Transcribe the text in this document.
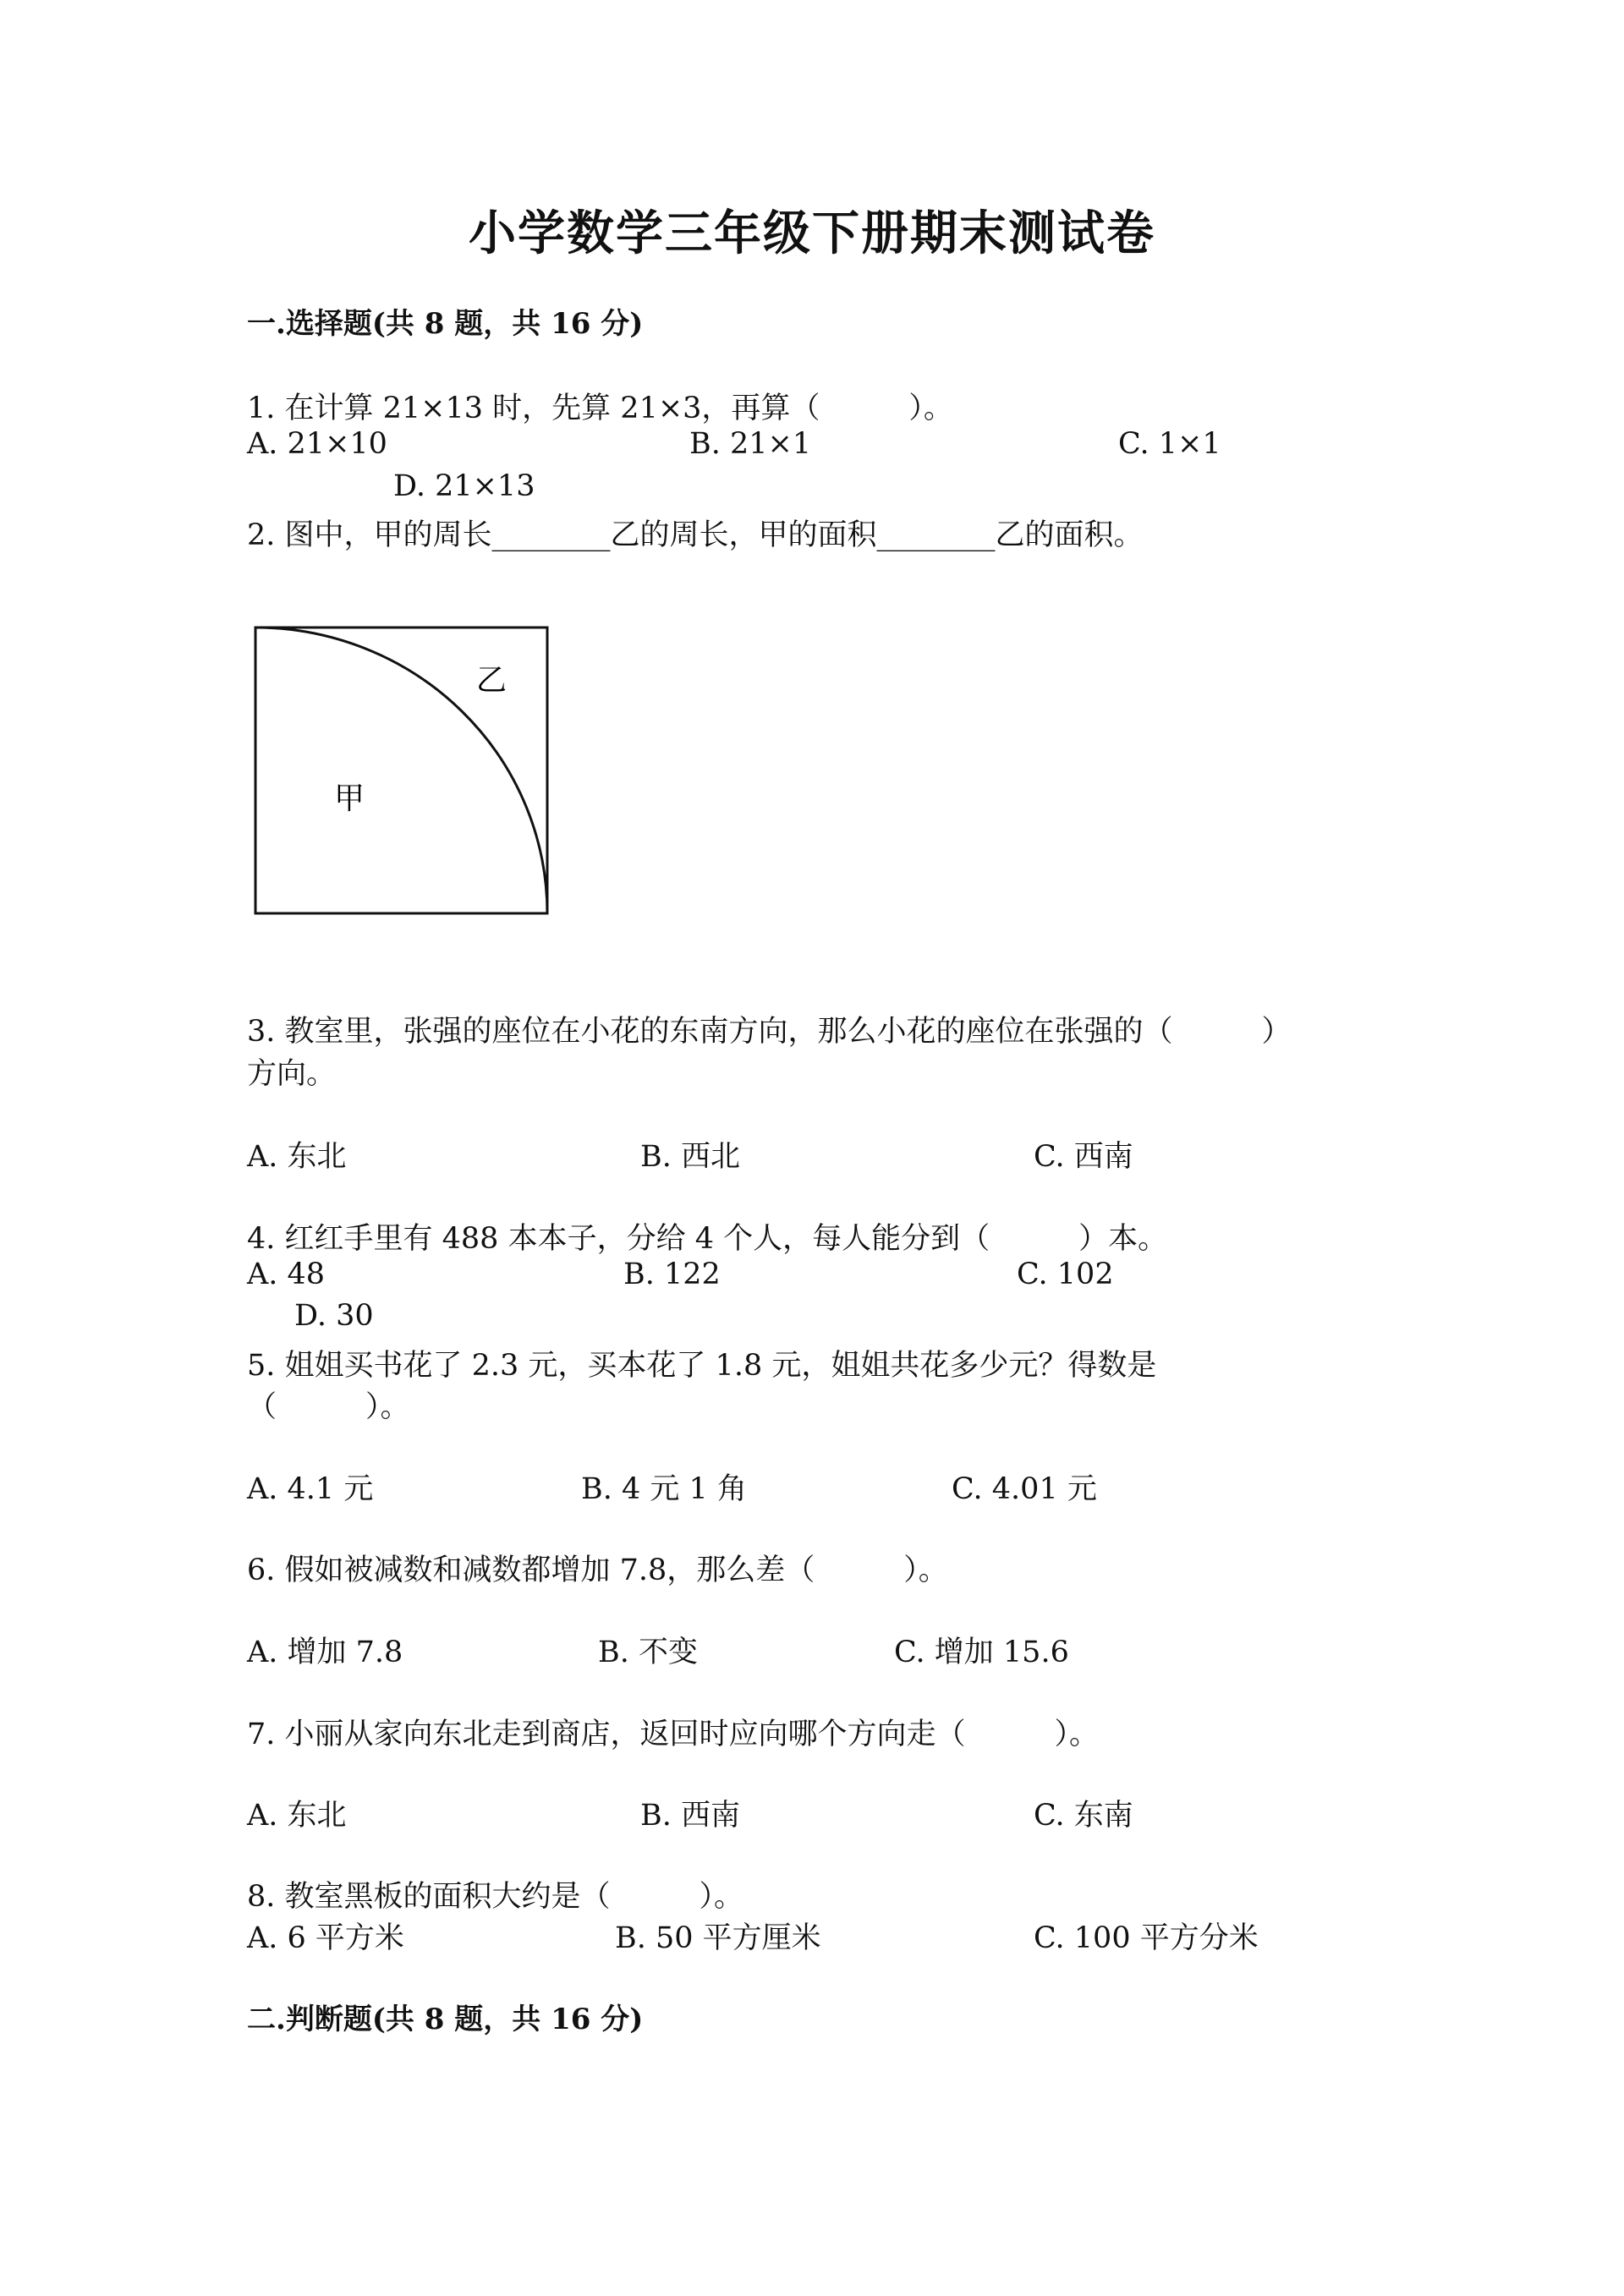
小学数学三年级下册期末测试卷
一.选择题(共 8 题，共 16 分)
1. 在计算 21×13 时，先算 21×3，再算（　　　）。
A. 21×10	B. 21×1	C. 1×1
D. 21×13
2. 图中，甲的周长________乙的周长，甲的面积________乙的面积。
乙
甲
3. 教室里，张强的座位在小花的东南方向，那么小花的座位在张强的（　　　）
方向。
A. 东北	B. 西北	C. 西南
4. 红红手里有 488 本本子，分给 4 个人，每人能分到（　　　）本。
A. 48	B. 122	C. 102
D. 30
5. 姐姐买书花了 2.3 元，买本花了 1.8 元，姐姐共花多少元？得数是
（　　　）。
A. 4.1 元	B. 4 元 1 角	C. 4.01 元
6. 假如被减数和减数都增加 7.8，那么差（　　　）。
A. 增加 7.8	B. 不变	C. 增加 15.6
7. 小丽从家向东北走到商店，返回时应向哪个方向走（　　　）。
A. 东北	B. 西南	C. 东南
8. 教室黑板的面积大约是（　　　）。
A. 6 平方米	B. 50 平方厘米	C. 100 平方分米
二.判断题(共 8 题，共 16 分)
